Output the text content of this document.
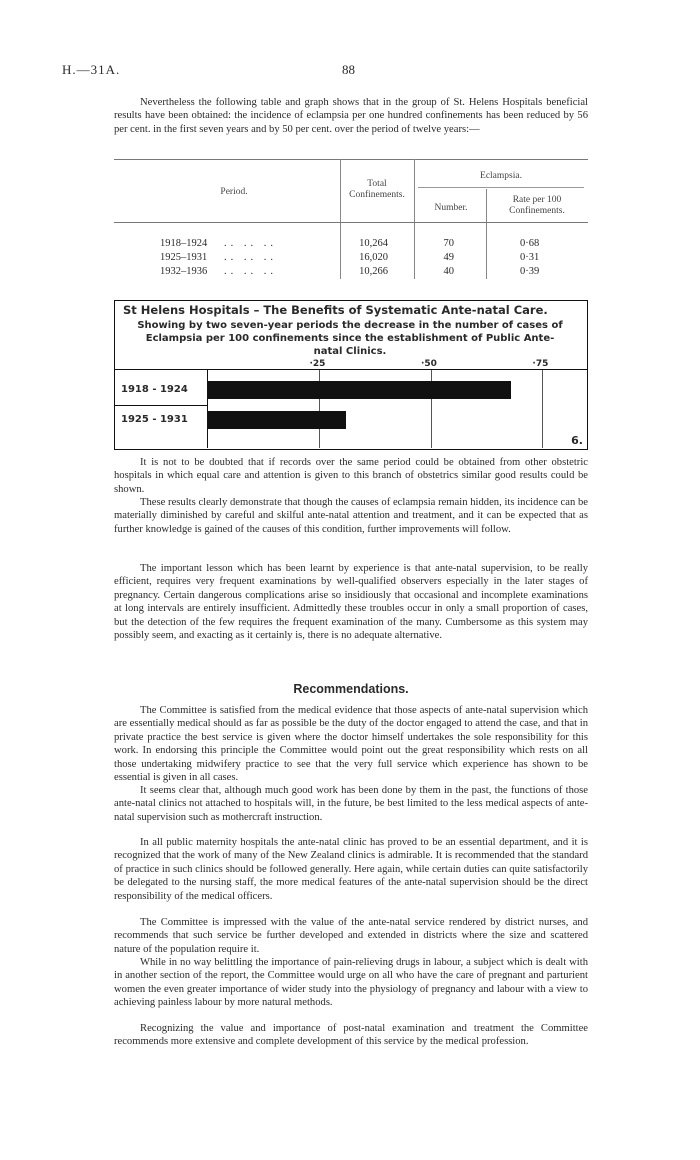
H.—31A.	88

Nevertheless the following table and graph shows that in the group of St. Helens Hospitals beneficial results have been obtained: the incidence of eclampsia per one hundred confinements has been reduced by 56 per cent. in the first seven years and by 50 per cent. over the period of twelve years:—

Period.
Total Confinements.
Eclampsia.
Number.
Rate per 100 Confinements.
1918–1924 .. .. ..	10,264	70	0·68
1925–1931 .. .. ..	16,020	49	0·31
1932–1936 .. .. ..	10,266	40	0·39
St Helens Hospitals – The Benefits of Systematic Ante-natal Care.
Showing by two seven-year periods the decrease in the number of cases of Eclampsia per 100 confinements since the establishment of Public Ante-natal Clinics.
·25	·50	·75
1918 - 1924
1925 - 1931
6.

It is not to be doubted that if records over the same period could be obtained from other obstetric hospitals in which equal care and attention is given to this branch of obstetrics similar good results could be shown.

These results clearly demonstrate that though the causes of eclampsia remain hidden, its incidence can be materially diminished by careful and skilful ante-natal attention and treatment, and it can be expected that as further knowledge is gained of the causes of this condition, further improvements will follow.

The important lesson which has been learnt by experience is that ante-natal supervision, to be really efficient, requires very frequent examinations by well-qualified observers especially in the later stages of pregnancy. Certain dangerous complications arise so insidiously that occasional and incomplete examinations at long intervals are entirely insufficient. Admittedly these troubles occur in only a small proportion of cases, but the detection of the few requires the frequent examination of the many. Cumbersome as this system may possibly seem, and exacting as it certainly is, there is no adequate alternative.

Recommendations.

The Committee is satisfied from the medical evidence that those aspects of ante-natal supervision which are essentially medical should as far as possible be the duty of the doctor engaged to attend the case, and that in private practice the best service is given where the doctor himself undertakes the sole responsibility for this work. In endorsing this principle the Committee would point out the great responsibility which rests on all those undertaking midwifery practice to see that the very full service which experience has shown to be essential is given in all cases.

It seems clear that, although much good work has been done by them in the past, the functions of those ante-natal clinics not attached to hospitals will, in the future, be best limited to the less medical aspects of ante-natal supervision such as mothercraft instruction.

In all public maternity hospitals the ante-natal clinic has proved to be an essential department, and it is recognized that the work of many of the New Zealand clinics is admirable. It is recommended that the standard of practice in such clinics should be followed generally. Here again, while certain duties can quite satisfactorily be delegated to the nursing staff, the more medical features of the ante-natal supervision should be the direct responsibility of the medical officers.

The Committee is impressed with the value of the ante-natal service rendered by district nurses, and recommends that such service be further developed and extended in districts where the size and scattered nature of the population require it.

While in no way belittling the importance of pain-relieving drugs in labour, a subject which is dealt with in another section of the report, the Committee would urge on all who have the care of pregnant and parturient women the even greater importance of wider study into the physiology of pregnancy and labour with a view to achieving painless labour by more natural methods.

Recognizing the value and importance of post-natal examination and treatment the Committee recommends more extensive and complete development of this service by the medical profession.
